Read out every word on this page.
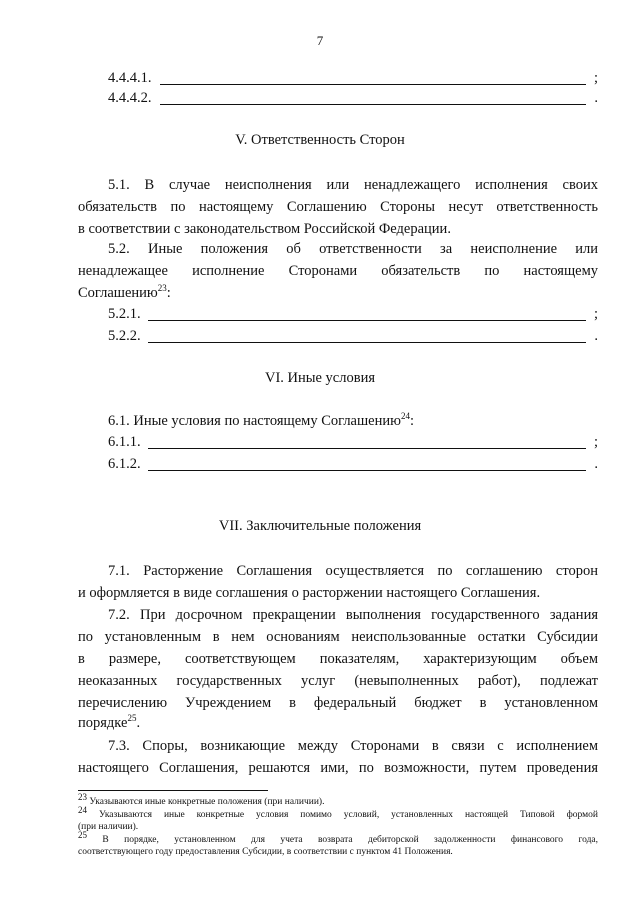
7
4.4.4.1.	;
4.4.4.2.	.
V. Ответственность Сторон
5.1. В случае неисполнения или ненадлежащего исполнения своих
обязательств по настоящему Соглашению Стороны несут ответственность
в соответствии с законодательством Российской Федерации.
5.2. Иные положения об ответственности за неисполнение или
ненадлежащее исполнение Сторонами обязательств по настоящему
Соглашению$^{23}$:
5.2.1.	;
5.2.2.	.
VI. Иные условия
6.1. Иные условия по настоящему Соглашению$^{24}$:
6.1.1.	;
6.1.2.	.
VII. Заключительные положения
7.1. Расторжение Соглашения осуществляется по соглашению сторон
и оформляется в виде соглашения о расторжении настоящего Соглашения.
7.2. При досрочном прекращении выполнения государственного задания
по установленным в нем основаниям неиспользованные остатки Субсидии
в размере, соответствующем показателям, характеризующим объем
неоказанных государственных услуг (невыполненных работ), подлежат
перечислению Учреждением в федеральный бюджет в установленном
порядке$^{25}$.
7.3. Споры, возникающие между Сторонами в связи с исполнением
настоящего Соглашения, решаются ими, по возможности, путем проведения
$^{23}$ Указываются иные конкретные положения (при наличии).
$^{24}$ Указываются иные конкретные условия помимо условий, установленных настоящей Типовой формой
(при наличии).
$^{25}$ В порядке, установленном для учета возврата дебиторской задолженности финансового года,
соответствующего году предоставления Субсидии, в соответствии с пунктом 41 Положения.
